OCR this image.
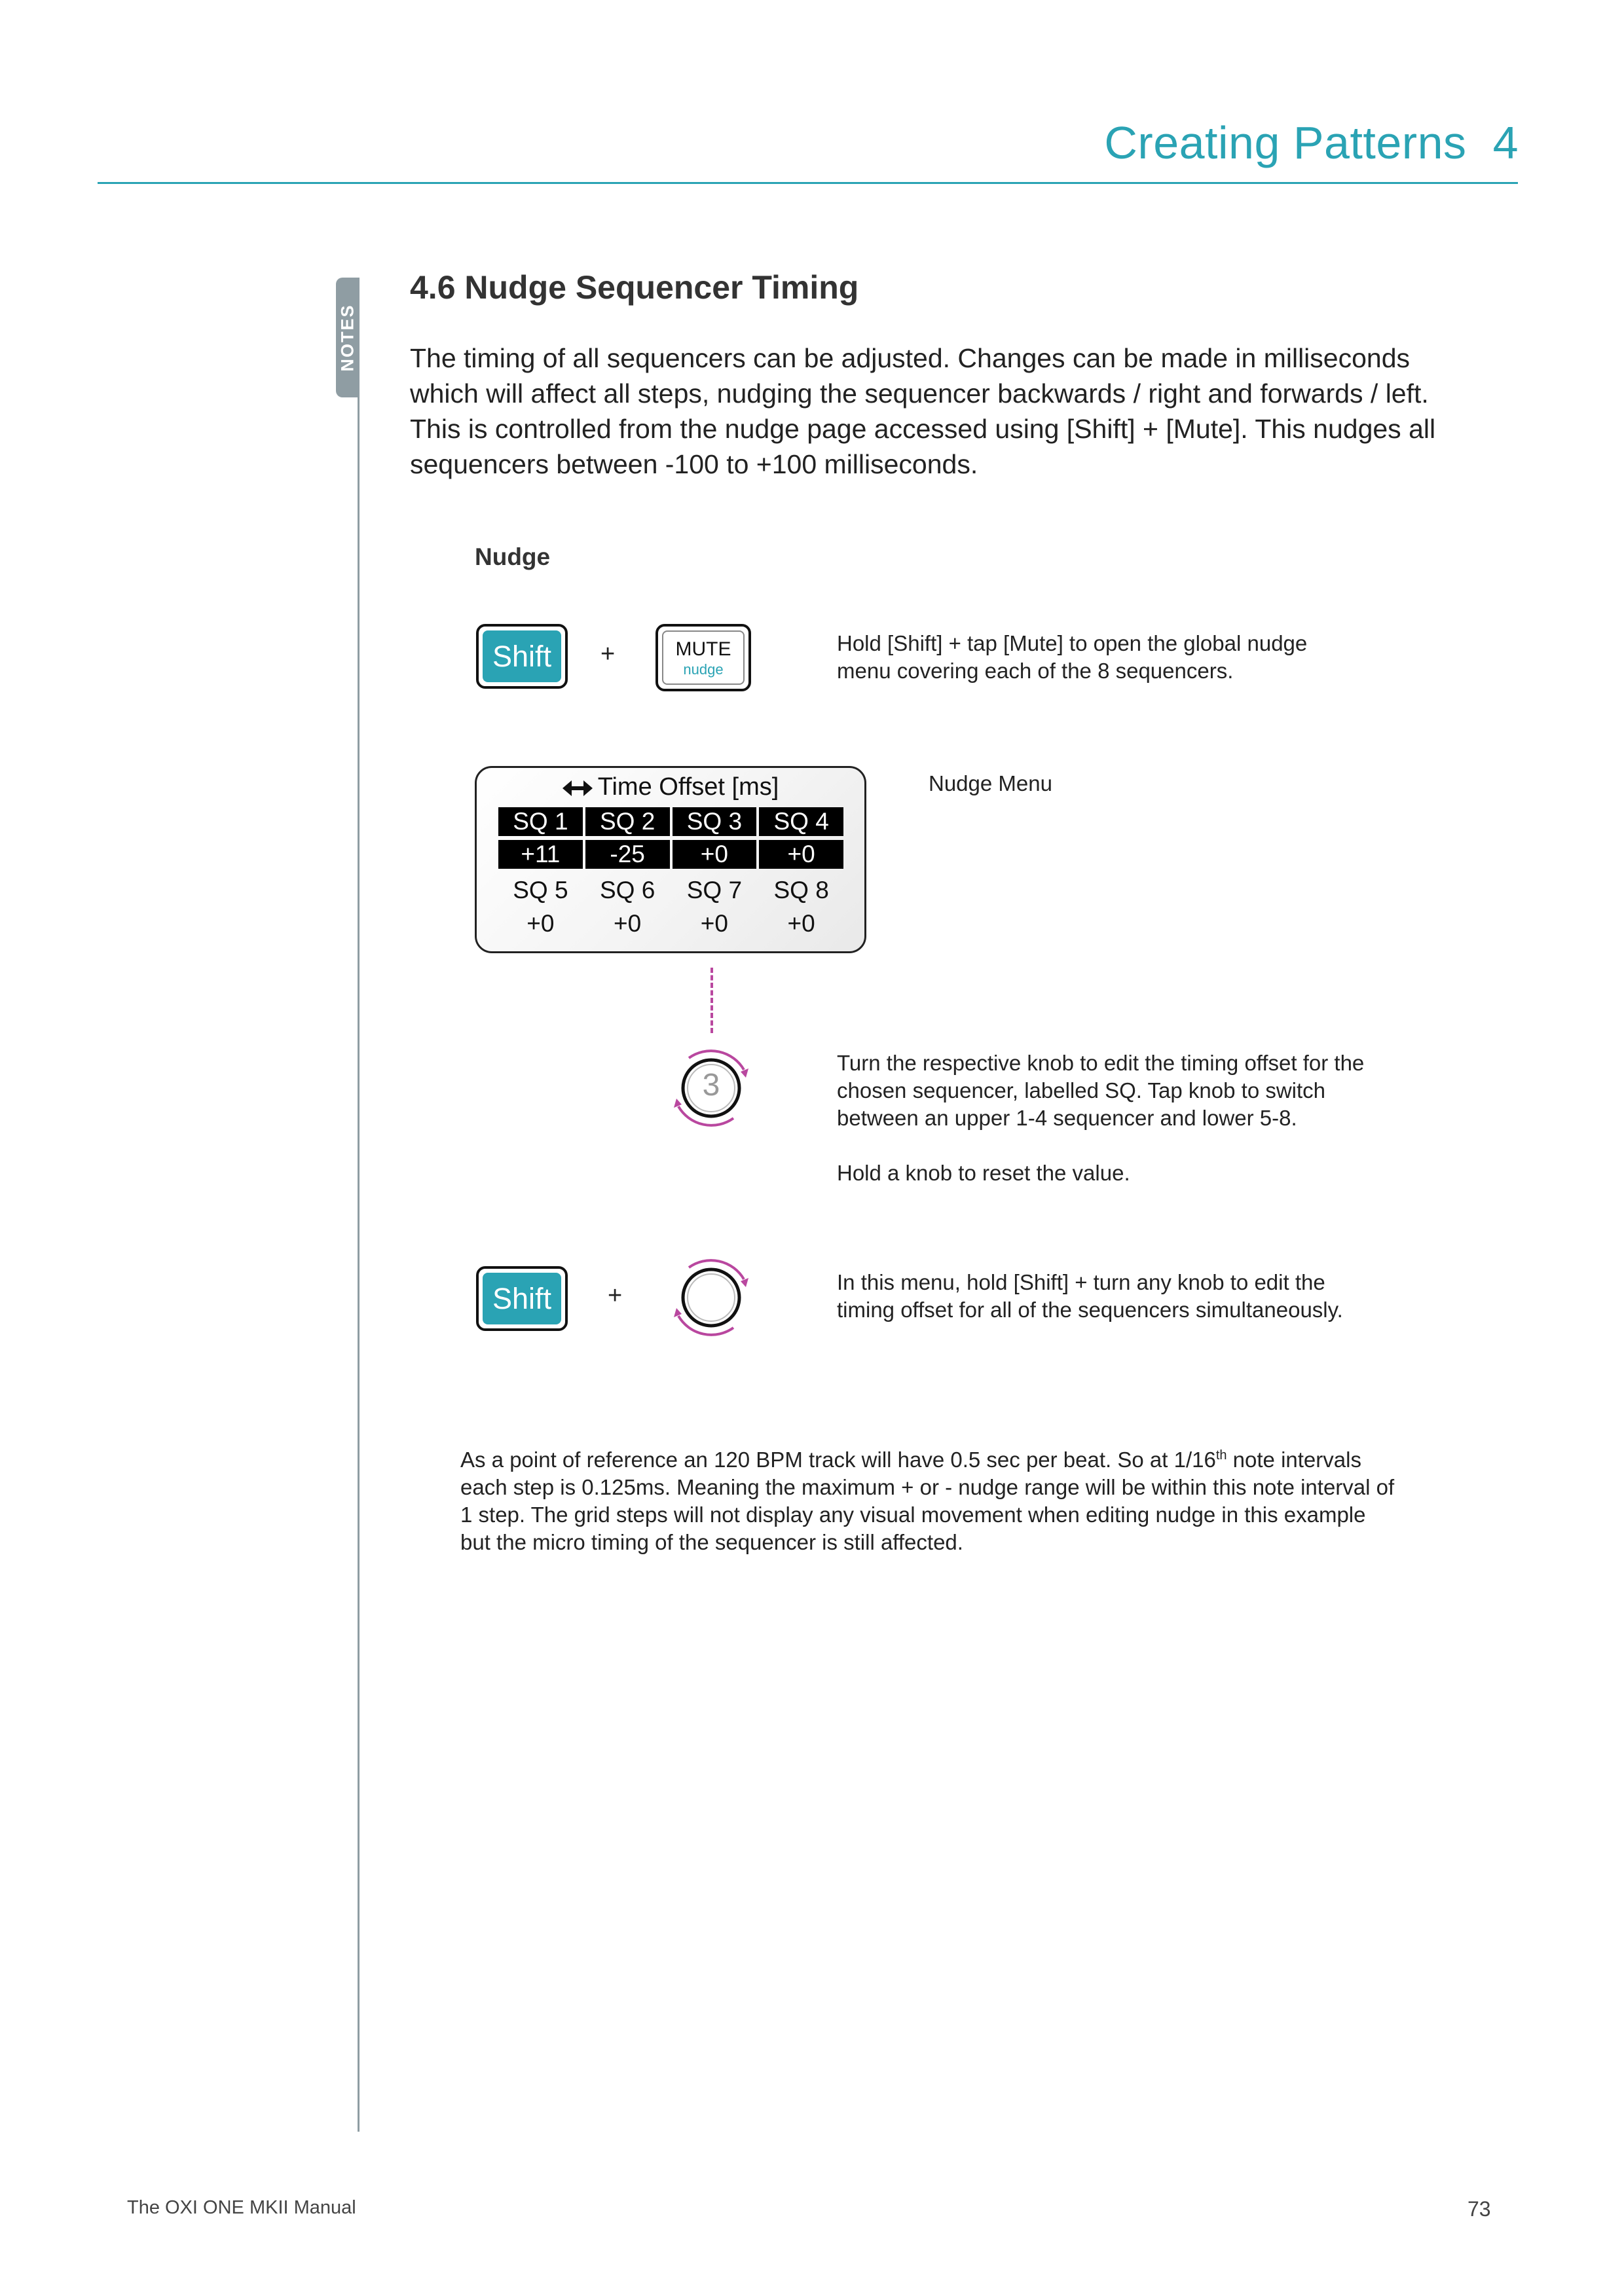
Creating Patterns 4
NOTES
4.6 Nudge Sequencer Timing

The timing of all sequencers can be adjusted. Changes can be made in milliseconds

which will affect all steps, nudging the sequencer backwards / right and forwards / left.

This is controlled from the nudge page accessed using [Shift] + [Mute]. This nudges all

sequencers between -100 to +100 milliseconds.

Nudge
Shift	+	MUTE
nudge

Hold [Shift] + tap [Mute] to open the global nudge

menu covering each of the 8 sequencers.

Time Offset [ms]
SQ 1	SQ 2	SQ 3	SQ 4
+11	-25	+0	+0
SQ 5	SQ 6	SQ 7	SQ 8
+0	+0	+0	+0
Nudge Menu
3

Turn the respective knob to edit the timing offset for the

chosen sequencer, labelled SQ. Tap knob to switch

between an upper 1-4 sequencer and lower 5-8.

Hold a knob to reset the value.

Shift	+	In this menu, hold [Shift] + turn any knob to edit the

timing offset for all of the sequencers simultaneously.

As a point of reference an 120 BPM track will have 0.5 sec per beat. So at 1/16th note intervals

each step is 0.125ms. Meaning the maximum + or - nudge range will be within this note interval of

1 step. The grid steps will not display any visual movement when editing nudge in this example

but the micro timing of the sequencer is still affected.

The OXI ONE MKII Manual	73
